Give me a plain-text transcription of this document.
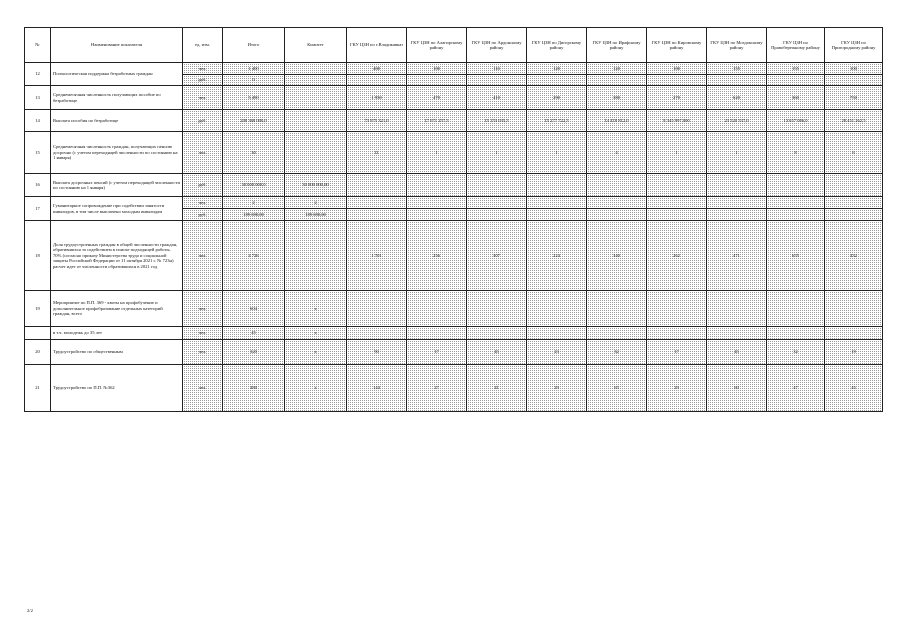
№	Наименование показателя	ед. изм.	Итого	Комитет	ГКУ ЦЗН по г.Владикавказ	ГКУ ЦЗН по Алагирскому району	ГКУ ЦЗН по Ардонскому району	ГКУ ЦЗН по Дигорскому району	ГКУ ЦЗН по Ирафскому району	ГКУ ЦЗН по Кировскому району	ГКУ ЦЗН по Моздокскому району	ГКУ ЦЗН по Правобережному району	ГКУ ЦЗН по Пригородному району
12	Психологическая поддержка безработных граждан	чел.	1 400		400	100	110	120	120	100	155	155	100
		руб.	0										
13	Среднемесячная численность получающих пособие по безработице	чел.	5 490		1 950	470	410	290	380	270	620	360	750
14	Выплата пособия по безработице	руб.	208 368 000,0		73 975 321,0	17 071 257,5	15 153 035,5	15 277 722,5	14 418 812,0	8 345 997,000	23 520 537,0	13 657 086,0	28 451 262,5
15	Среднемесячная численность граждан, получающих пенсию досрочно (с учетом переходящей численности по состоянию на 1 января)	чел.	30		11	1	1	1	4	1	1	8	6
16	Выплата досрочных пенсий (с учетом переходящей численности по состоянию на 1 января)	руб.	30 000 000,0	30 000 000,00									
17	Гуманитарное сопровождение при содействии занятости инвалидов, в том числе выплачено молодым инвалидам	чел.	2	2									
		руб.	189 690,00	189 690,00									
18	Доля трудоустроенных граждан в общей численности граждан, обратившихся за содействием в поиске подходящей работы, 70% (согласно приказу Министерства труда и социальной защиты Российской Федерации от 11 октября 2021 г. № 723н) расчет идет от численности обратившихся в 2021 год	чел.	4 726		1 701	256	307	224	340	262	471	655	432
19	Мероприятие по П.П. 369 - квоты на профобучение и дополнительное профобразование отдельных категорий граждан, всего	чел.	604	х									
	в т.ч. молодежь до 35 лет	чел.	45	х									
20	Трудоустройство по общественным	чел.	320	х	90	17	45	23	32	17	45	32	19
21	Трудоустройство по П.П. №362	чел.	480	х	144	27	41	29	65	29	60	47	45
2/2
